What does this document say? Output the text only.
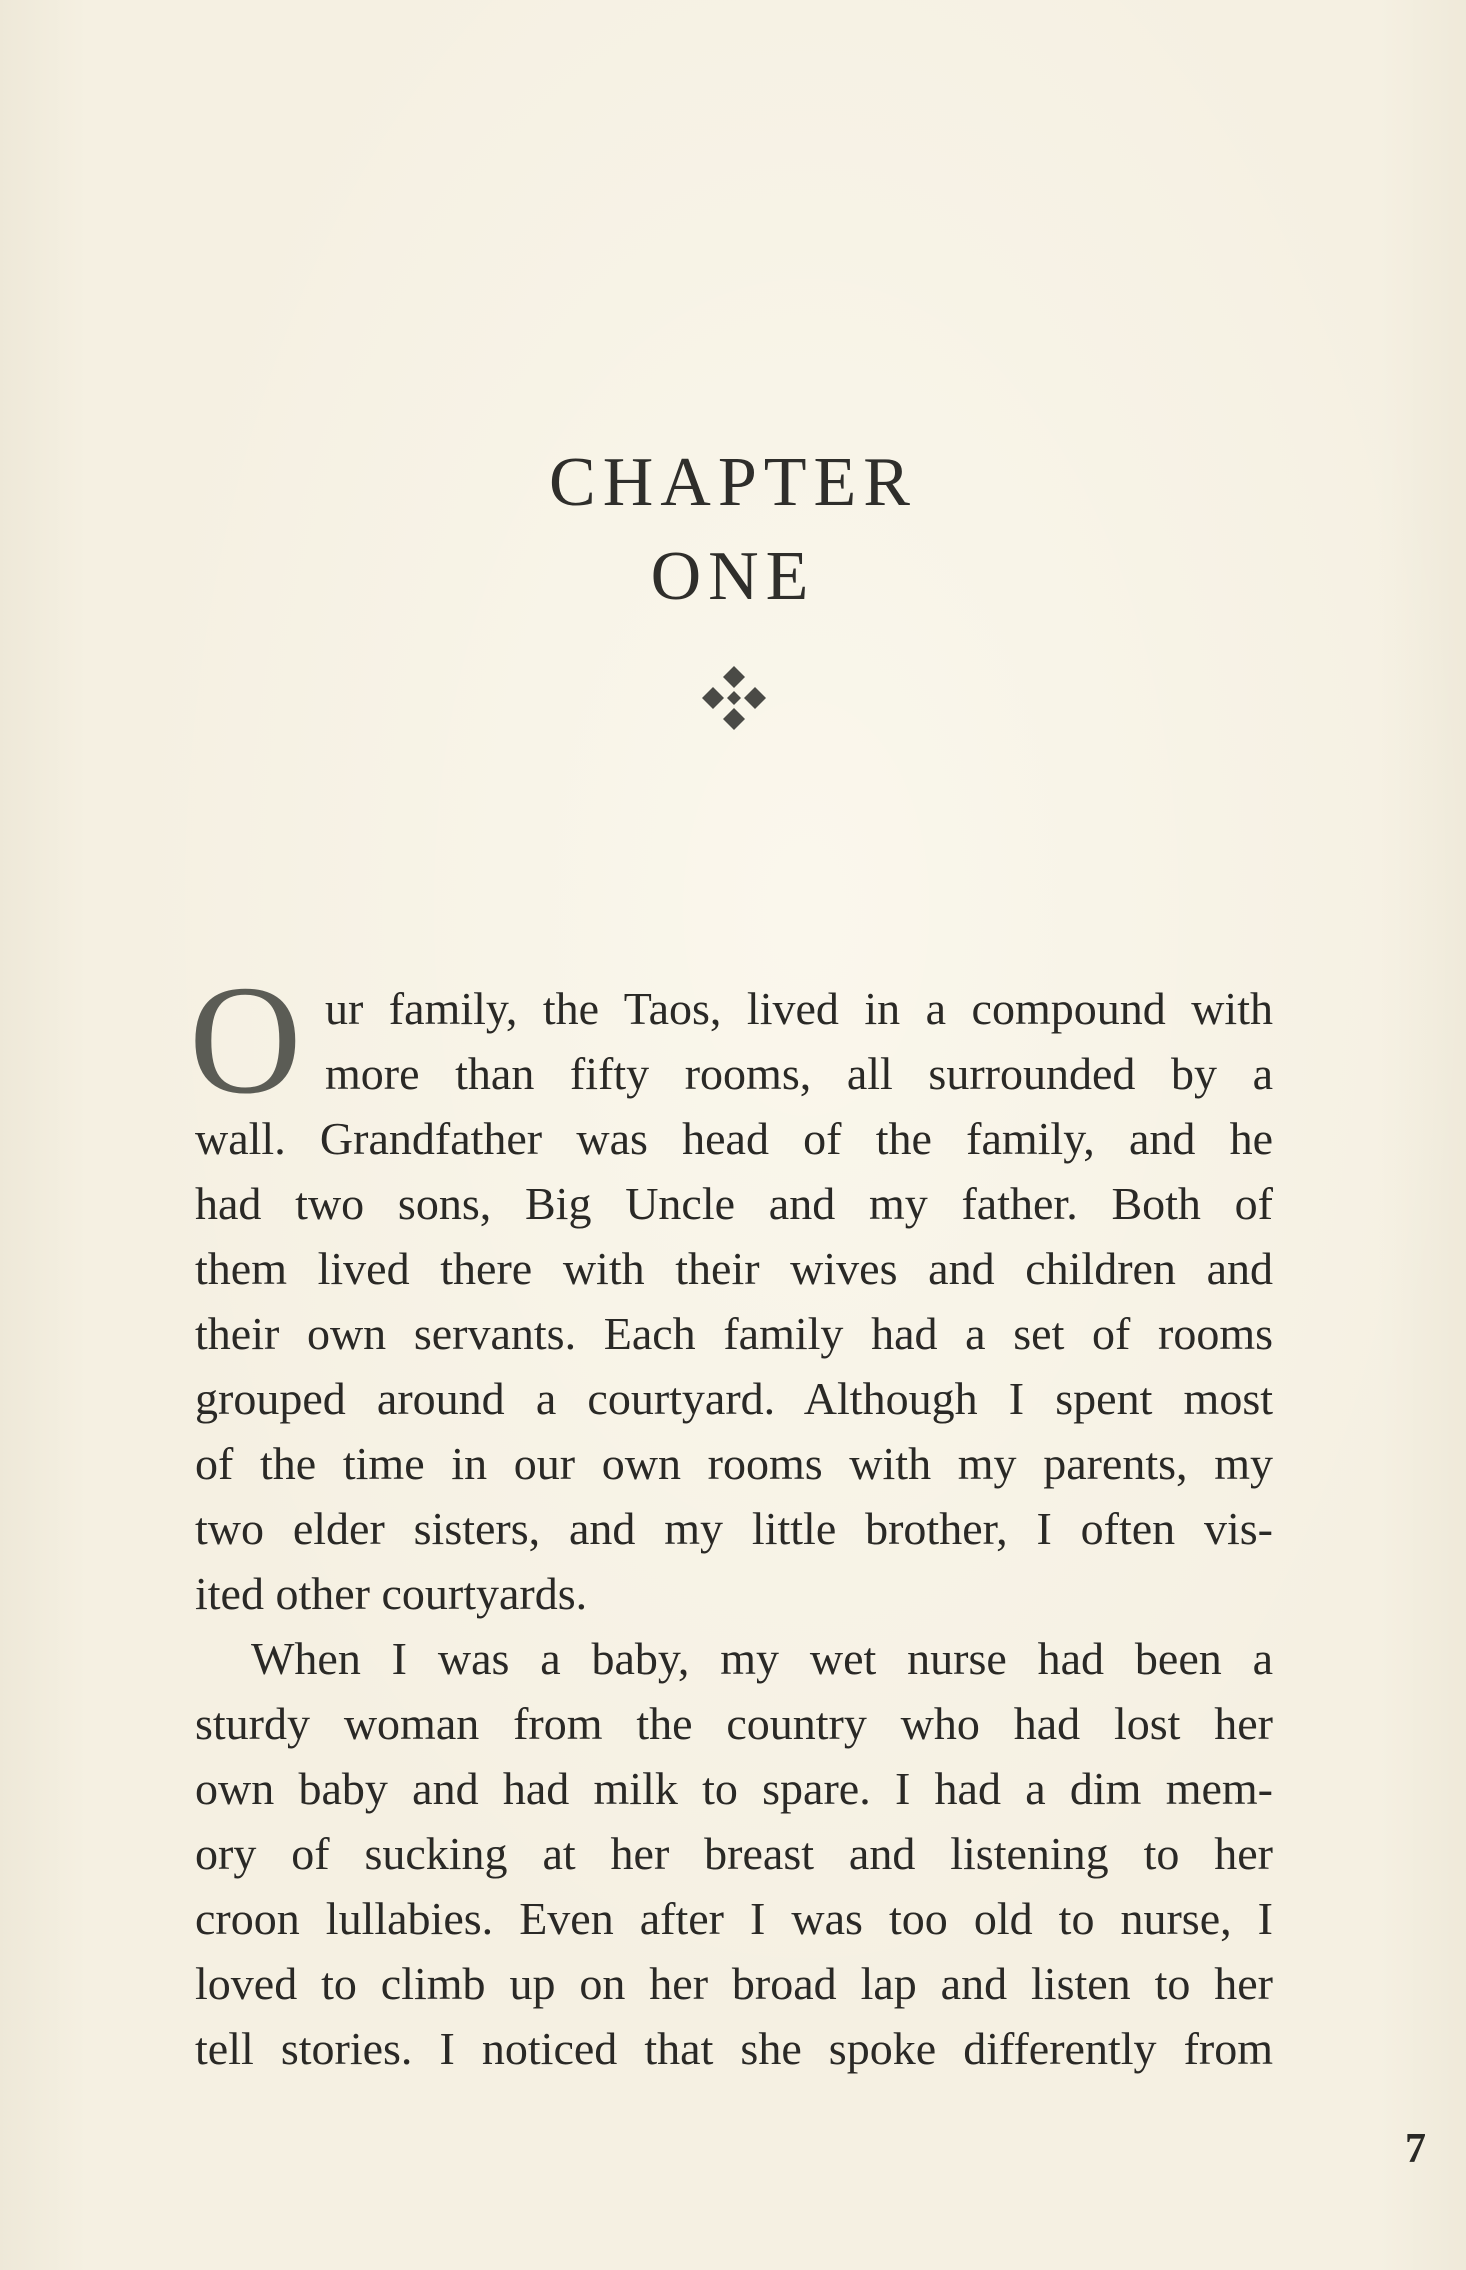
CHAPTER
ONE
O ur family, the Taos, lived in a compound with
more than fifty rooms, all surrounded by a
wall. Grandfather was head of the family, and he
had two sons, Big Uncle and my father. Both of
them lived there with their wives and children and
their own servants. Each family had a set of rooms
grouped around a courtyard. Although I spent most
of the time in our own rooms with my parents, my
two elder sisters, and my little brother, I often vis-
ited other courtyards.
When I was a baby, my wet nurse had been a
sturdy woman from the country who had lost her
own baby and had milk to spare. I had a dim mem-
ory of sucking at her breast and listening to her
croon lullabies. Even after I was too old to nurse, I
loved to climb up on her broad lap and listen to her
tell stories. I noticed that she spoke differently from
7
